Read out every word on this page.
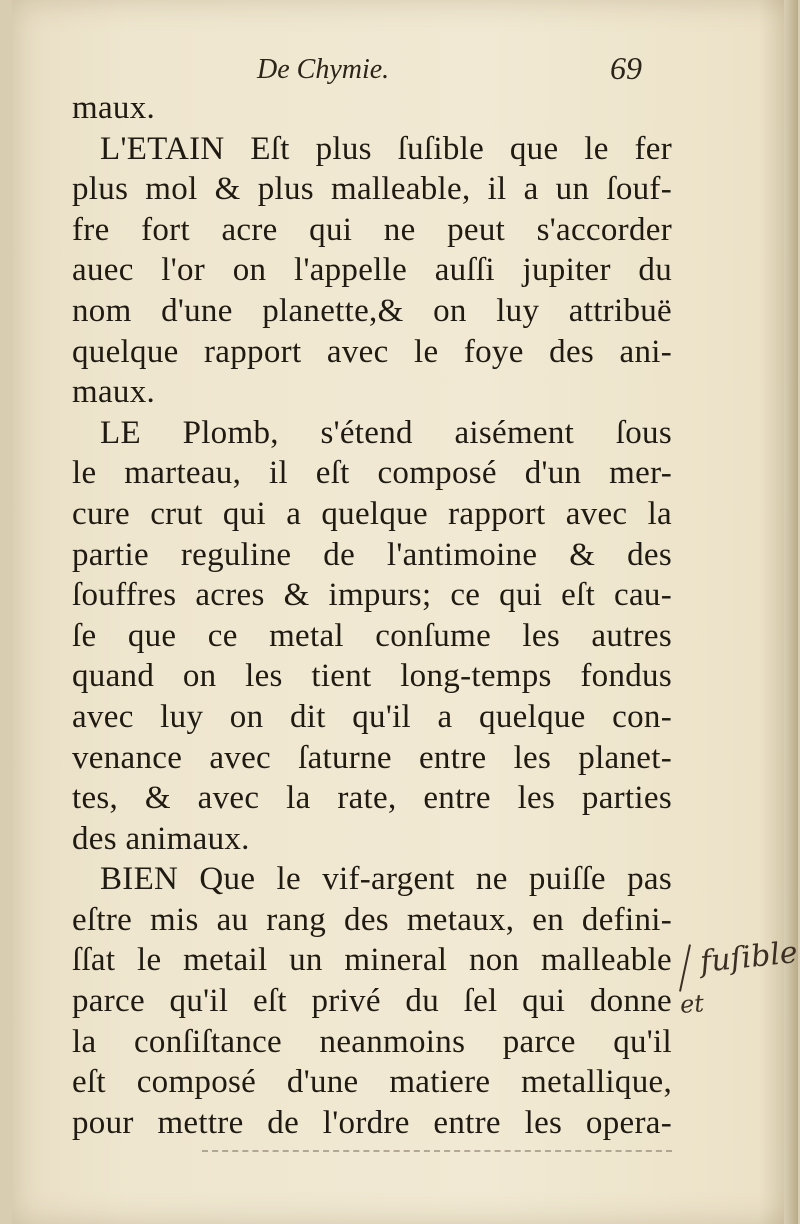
De Chymie.	69
maux.
L'ETAIN Eſt plus ſuſible que le fer
plus mol & plus malleable, il a un ſouf-
fre fort acre qui ne peut s'accorder
auec l'or on l'appelle auſſi jupiter du
nom d'une planette,& on luy attribuë
quelque rapport avec le foye des ani-
maux.
LE Plomb, s'étend aisément ſous
le marteau, il eſt composé d'un mer-
cure crut qui a quelque rapport avec la
partie reguline de l'antimoine & des
ſouffres acres & impurs; ce qui eſt cau-
ſe que ce metal conſume les autres
quand on les tient long-temps fondus
avec luy on dit qu'il a quelque con-
venance avec ſaturne entre les planet-
tes, & avec la rate, entre les parties
des animaux.
BIEN Que le vif-argent ne puiſſe pas
eſtre mis au rang des metaux, en defini-
ſſat le metail un mineral non malleable
parce qu'il eſt privé du ſel qui donne
la conſiſtance neanmoins parce qu'il
eſt composé d'une matiere metallique,
pour mettre de l'ordre entre les opera-
fuſible
et
